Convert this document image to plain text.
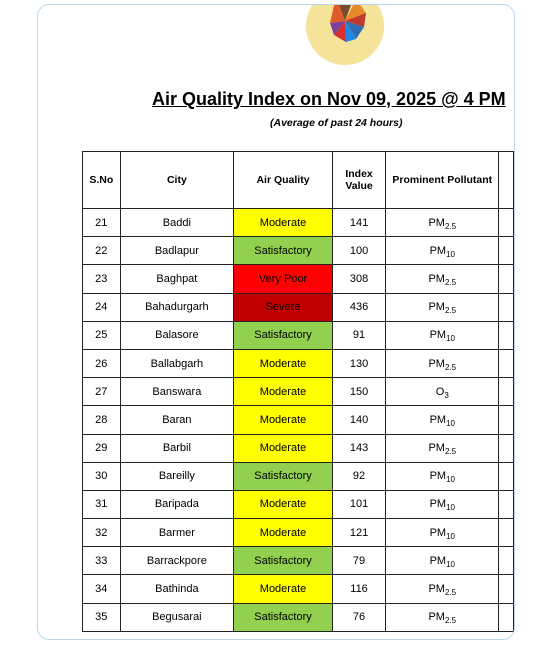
Air Quality Index on Nov 09, 2025 @ 4 PM
(Average of past 24 hours)
S.No	City	Air Quality	Index Value	Prominent Pollutant	
21	Baddi	Moderate	141	$PM_{2.5}$	
22	Badlapur	Satisfactory	100	$PM_{10}$	
23	Baghpat	Very Poor	308	$PM_{2.5}$	
24	Bahadurgarh	Severe	436	$PM_{2.5}$	
25	Balasore	Satisfactory	91	$PM_{10}$	
26	Ballabgarh	Moderate	130	$PM_{2.5}$	
27	Banswara	Moderate	150	$O_3$	
28	Baran	Moderate	140	$PM_{10}$	
29	Barbil	Moderate	143	$PM_{2.5}$	
30	Bareilly	Satisfactory	92	$PM_{10}$	
31	Baripada	Moderate	101	$PM_{10}$	
32	Barmer	Moderate	121	$PM_{10}$	
33	Barrackpore	Satisfactory	79	$PM_{10}$	
34	Bathinda	Moderate	116	$PM_{2.5}$	
35	Begusarai	Satisfactory	76	$PM_{2.5}$	
